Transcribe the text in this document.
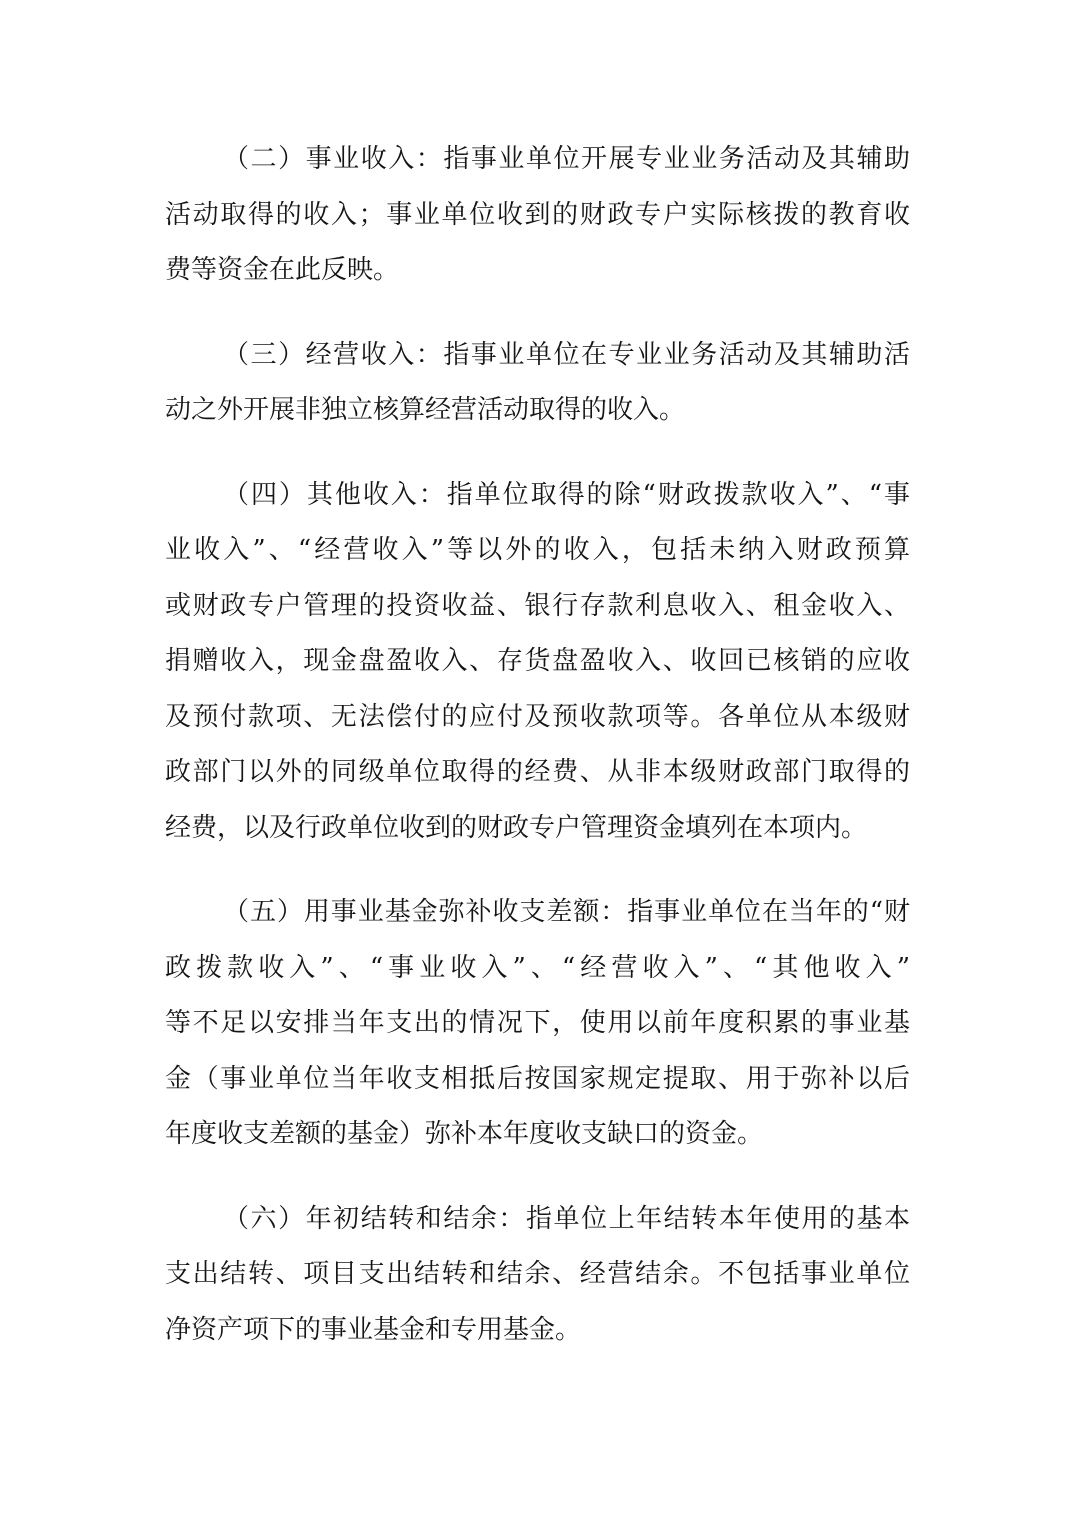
（二）事业收入：指事业单位开展专业业务活动及其辅助
活动取得的收入；事业单位收到的财政专户实际核拨的教育收
费等资金在此反映。
（三）经营收入：指事业单位在专业业务活动及其辅助活
动之外开展非独立核算经营活动取得的收入。
（四）其他收入：指单位取得的除“财政拨款收入”、“事
业收入”、“经营收入”等以外的收入，包括未纳入财政预算
或财政专户管理的投资收益、银行存款利息收入、租金收入、
捐赠收入，现金盘盈收入、存货盘盈收入、收回已核销的应收
及预付款项、无法偿付的应付及预收款项等。各单位从本级财
政部门以外的同级单位取得的经费、从非本级财政部门取得的
经费，以及行政单位收到的财政专户管理资金填列在本项内。
（五）用事业基金弥补收支差额：指事业单位在当年的“财
政拨款收入”、“事业收入”、“经营收入”、“其他收入”
等不足以安排当年支出的情况下，使用以前年度积累的事业基
金（事业单位当年收支相抵后按国家规定提取、用于弥补以后
年度收支差额的基金）弥补本年度收支缺口的资金。
（六）年初结转和结余：指单位上年结转本年使用的基本
支出结转、项目支出结转和结余、经营结余。不包括事业单位
净资产项下的事业基金和专用基金。
